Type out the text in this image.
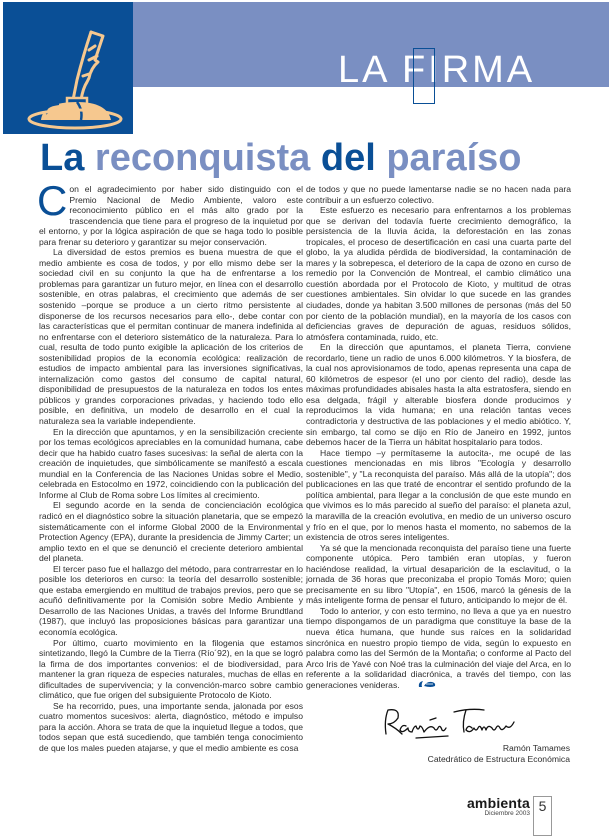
LA FIRMA
La reconquista del paraíso

Con el agradecimiento por haber sido distinguido con el Premio Nacional de Medio Ambiente, valoro este reconocimiento público en el más alto grado por la trascendencia que tiene para el progreso de la inquietud por el entorno, y por la lógica aspiración de que se haga todo lo posible para frenar su deterioro y garantizar su mejor conservación.

La diversidad de estos premios es buena muestra de que el medio ambiente es cosa de todos, y por ello mismo debe ser la sociedad civil en su conjunto la que ha de enfrentarse a los problemas para garantizar un futuro mejor, en línea con el desarrollo sostenible, en otras palabras, el crecimiento que además de ser sostenido –porque se produce a un cierto ritmo persistente al disponerse de los recursos necesarios para ello-, debe contar con las características que el permitan continuar de manera indefinida al no enfrentarse con el deterioro sistemático de la naturaleza. Para lo cual, resulta de todo punto exigible la aplicación de los criterios de sostenibilidad propios de la economía ecológica: realización de estudios de impacto ambiental para las inversiones significativas, internalización como gastos del consumo de capital natural, disponibilidad de presupuestos de la naturaleza en todos los entes públicos y grandes corporaciones privadas, y haciendo todo ello posible, en definitiva, un modelo de desarrollo en el cual la naturaleza sea la variable independiente.

En la dirección que apuntamos, y en la sensibilización creciente por los temas ecológicos apreciables en la comunidad humana, cabe decir que ha habido cuatro fases sucesivas: la señal de alerta con la creación de inquietudes, que simbólicamente se manifestó a escala mundial en la Conferencia de las Naciones Unidas sobre el Medio, celebrada en Estocolmo en 1972, coincidiendo con la publicación del Informe al Club de Roma sobre Los límites al crecimiento.

El segundo acorde en la senda de concienciación ecológica radicó en el diagnóstico sobre la situación planetaria, que se empezó sistemáticamente con el informe Global 2000 de la Environmental Protection Agency (EPA), durante la presidencia de Jimmy Carter; un amplio texto en el que se denunció el creciente deterioro ambiental del planeta.

El tercer paso fue el hallazgo del método, para contrarrestar en lo posible los deterioros en curso: la teoría del desarrollo sostenible; que estaba emergiendo en multitud de trabajos previos, pero que se acuñó definitivamente por la Comisión sobre Medio Ambiente y Desarrollo de las Naciones Unidas, a través del Informe Brundtland (1987), que incluyó las proposiciones básicas para garantizar una economía ecológica.

Por último, cuarto movimiento en la filogenia que estamos sintetizando, llegó la Cumbre de la Tierra (Río´92), en la que se logró la firma de dos importantes convenios: el de biodiversidad, para mantener la gran riqueza de especies naturales, muchas de ellas en dificultades de supervivencia; y la convención-marco sobre cambio climático, que fue origen del subsiguiente Protocolo de Kioto.

Se ha recorrido, pues, una importante senda, jalonada por esos cuatro momentos sucesivos: alerta, diagnóstico, método e impulso para la acción. Ahora se trata de que la inquietud llegue a todos, que todos sepan que está sucediendo, que también tenga conocimiento de que los males pueden atajarse, y que el medio ambiente es cosa

de todos y que no puede lamentarse nadie se no hacen nada para contribuir a un esfuerzo colectivo.

Este esfuerzo es necesario para enfrentarnos a los problemas que se derivan del todavía fuerte crecimiento demográfico, la persistencia de la lluvia ácida, la deforestación en las zonas tropicales, el proceso de desertificación en casi una cuarta parte del globo, la ya aludida pérdida de biodiversidad, la contaminación de mares y la sobrepesca, el deterioro de la capa de ozono en curso de remedio por la Convención de Montreal, el cambio climático una cuestión abordada por el Protocolo de Kioto, y multitud de otras cuestiones ambientales. Sin olvidar lo que sucede en las grandes ciudades, donde ya habitan 3.500 millones de personas (más del 50 por ciento de la población mundial), en la mayoría de los casos con deficiencias graves de depuración de aguas, residuos sólidos, atmósfera contaminada, ruido, etc.

En la dirección que apuntamos, el planeta Tierra, conviene recordarlo, tiene un radio de unos 6.000 kilómetros. Y la biosfera, de la cual nos aprovisionamos de todo, apenas representa una capa de 60 kilómetros de espesor (el uno por ciento del radio), desde las máximas profundidades abisales hasta la alta estratosfera, siendo en esa delgada, frágil y alterable biosfera donde producimos y reproducimos la vida humana; en una relación tantas veces contradictoria y destructiva de las poblaciones y el medio abiótico. Y, sin embargo, tal como se dijo en Río de Janeiro en 1992, juntos debemos hacer de la Tierra un hábitat hospitalario para todos.

Hace tiempo –y permítaseme la autocita-, me ocupé de las cuestiones mencionadas en mis libros "Ecología y desarrollo sostenible", y "La reconquista del paraíso. Más allá de la utopía"; dos publicaciones en las que traté de encontrar el sentido profundo de la política ambiental, para llegar a la conclusión de que este mundo en que vivimos es lo más parecido al sueño del paraíso: el planeta azul, la maravilla de la creación evolutiva, en medio de un universo oscuro y frío en el que, por lo menos hasta el momento, no sabemos de la existencia de otros seres inteligentes.

Ya sé que la mencionada reconquista del paraíso tiene una fuerte componente utópica. Pero también eran utopías, y fueron haciéndose realidad, la virtual desaparición de la esclavitud, o la jornada de 36 horas que preconizaba el propio Tomás Moro; quien precisamente en su libro "Utopía", en 1506, marcó la génesis de la más inteligente forma de pensar el futuro, anticipando lo mejor de él.

Todo lo anterior, y con esto termino, no lleva a que ya en nuestro tiempo dispongamos de un paradigma que constituye la base de la nueva ética humana, que hunde sus raíces en la solidaridad sincrónica en nuestro propio tiempo de vida, según lo expuesto en palabra como las del Sermón de la Montaña; o conforme al Pacto del Arco Iris de Yavé con Noé tras la culminación del viaje del Arca, en lo referente a la solidaridad diacrónica, a través del tiempo, con las generaciones venideras.

Ramón Tamames
Catedrático de Estructura Económica
ambienta
Diciembre 2003 5
